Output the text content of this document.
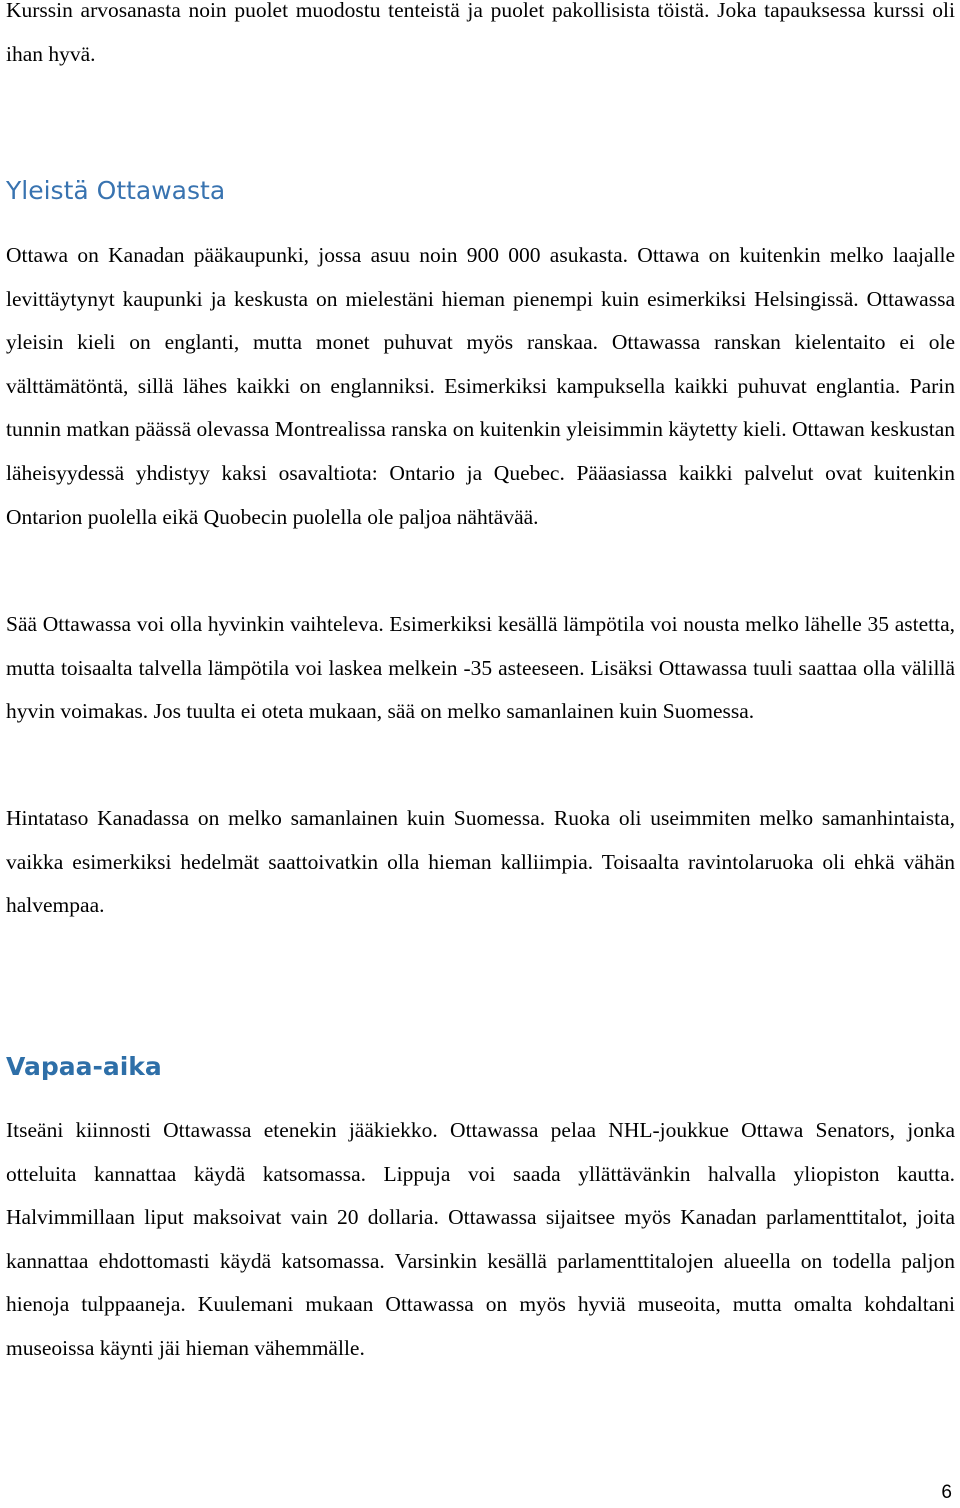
Kurssin arvosanasta noin puolet muodostu tenteistä ja puolet pakollisista töistä. Joka tapauksessa kurssi oli ihan hyvä.

Yleistä Ottawasta

Ottawa on Kanadan pääkaupunki, jossa asuu noin 900 000 asukasta. Ottawa on kuitenkin melko laajalle levittäytynyt kaupunki ja keskusta on mielestäni hieman pienempi kuin esimerkiksi Helsingissä. Ottawassa yleisin kieli on englanti, mutta monet puhuvat myös ranskaa. Ottawassa ranskan kielentaito ei ole välttämätöntä, sillä lähes kaikki on englanniksi. Esimerkiksi kampuksella kaikki puhuvat englantia. Parin tunnin matkan päässä olevassa Montrealissa ranska on kuitenkin yleisimmin käytetty kieli. Ottawan keskustan läheisyydessä yhdistyy kaksi osavaltiota: Ontario ja Quebec. Pääasiassa kaikki palvelut ovat kuitenkin Ontarion puolella eikä Quobecin puolella ole paljoa nähtävää.

Sää Ottawassa voi olla hyvinkin vaihteleva. Esimerkiksi kesällä lämpötila voi nousta melko lähelle 35 astetta, mutta toisaalta talvella lämpötila voi laskea melkein -35 asteeseen. Lisäksi Ottawassa tuuli saattaa olla välillä hyvin voimakas. Jos tuulta ei oteta mukaan, sää on melko samanlainen kuin Suomessa.

Hintataso Kanadassa on melko samanlainen kuin Suomessa. Ruoka oli useimmiten melko samanhintaista, vaikka esimerkiksi hedelmät saattoivatkin olla hieman kalliimpia. Toisaalta ravintolaruoka oli ehkä vähän halvempaa.

Vapaa-aika

Itseäni kiinnosti Ottawassa etenekin jääkiekko. Ottawassa pelaa NHL-joukkue Ottawa Senators, jonka otteluita kannattaa käydä katsomassa. Lippuja voi saada yllättävänkin halvalla yliopiston kautta. Halvimmillaan liput maksoivat vain 20 dollaria. Ottawassa sijaitsee myös Kanadan parlamenttitalot, joita kannattaa ehdottomasti käydä katsomassa. Varsinkin kesällä parlamenttitalojen alueella on todella paljon hienoja tulppaaneja. Kuulemani mukaan Ottawassa on myös hyviä museoita, mutta omalta kohdaltani museoissa käynti jäi hieman vähemmälle.

6
